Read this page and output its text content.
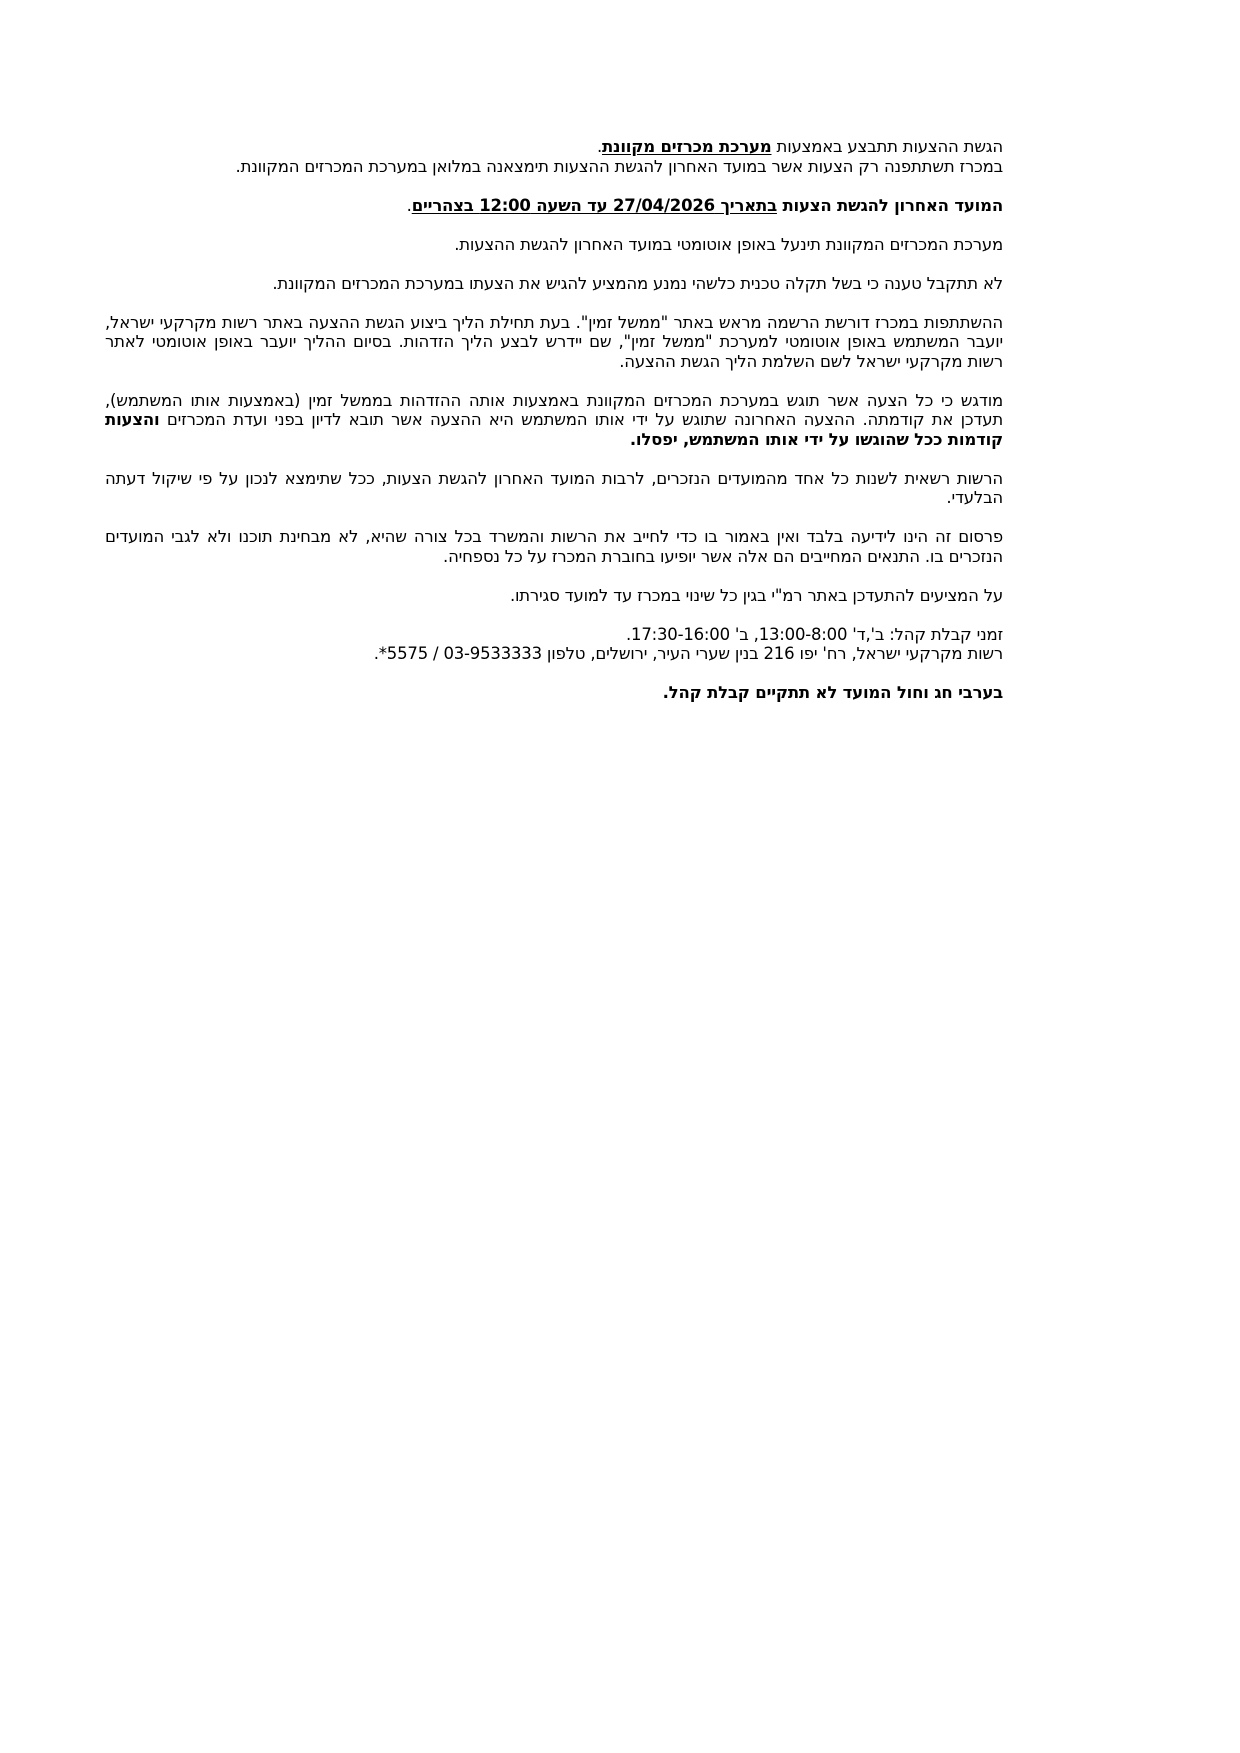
הגשת ההצעות תתבצע באמצעות מערכת מכרזים מקוונת.
במכרז תשתתפנה רק הצעות אשר במועד האחרון להגשת ההצעות תימצאנה במלואן במערכת המכרזים המקוונת.
המועד האחרון להגשת הצעות בתאריך 27/04/2026 עד השעה 12:00 בצהריים.
מערכת המכרזים המקוונת תינעל באופן אוטומטי במועד האחרון להגשת ההצעות.
לא תתקבל טענה כי בשל תקלה טכנית כלשהי נמנע מהמציע להגיש את הצעתו במערכת המכרזים המקוונת.
ההשתתפות במכרז דורשת הרשמה מראש באתר "ממשל זמין". בעת תחילת הליך ביצוע הגשת ההצעה באתר רשות מקרקעי ישראל, יועבר המשתמש באופן אוטומטי למערכת "ממשל זמין", שם יידרש לבצע הליך הזדהות. בסיום ההליך יועבר באופן אוטומטי לאתר רשות מקרקעי ישראל לשם השלמת הליך הגשת ההצעה.
מודגש כי כל הצעה אשר תוגש במערכת המכרזים המקוונת באמצעות אותה ההזדהות בממשל זמין (באמצעות אותו המשתמש), תעדכן את קודמתה. ההצעה האחרונה שתוגש על ידי אותו המשתמש היא ההצעה אשר תובא לדיון בפני ועדת המכרזים והצעות קודמות ככל שהוגשו על ידי אותו המשתמש, יפסלו.
הרשות רשאית לשנות כל אחד מהמועדים הנזכרים, לרבות המועד האחרון להגשת הצעות, ככל שתימצא לנכון על פי שיקול דעתה הבלעדי.
פרסום זה הינו לידיעה בלבד ואין באמור בו כדי לחייב את הרשות והמשרד בכל צורה שהיא, לא מבחינת תוכנו ולא לגבי המועדים הנזכרים בו. התנאים המחייבים הם אלה אשר יופיעו בחוברת המכרז על כל נספחיה.
על המציעים להתעדכן באתר רמ"י בגין כל שינוי במכרז עד למועד סגירתו.
זמני קבלת קהל: ב',ד' 13:00-8:00, ב' 17:30-16:00.
רשות מקרקעי ישראל, רח' יפו 216 בנין שערי העיר, ירושלים, טלפון 03-9533333 / 5575*.
בערבי חג וחול המועד לא תתקיים קבלת קהל.
